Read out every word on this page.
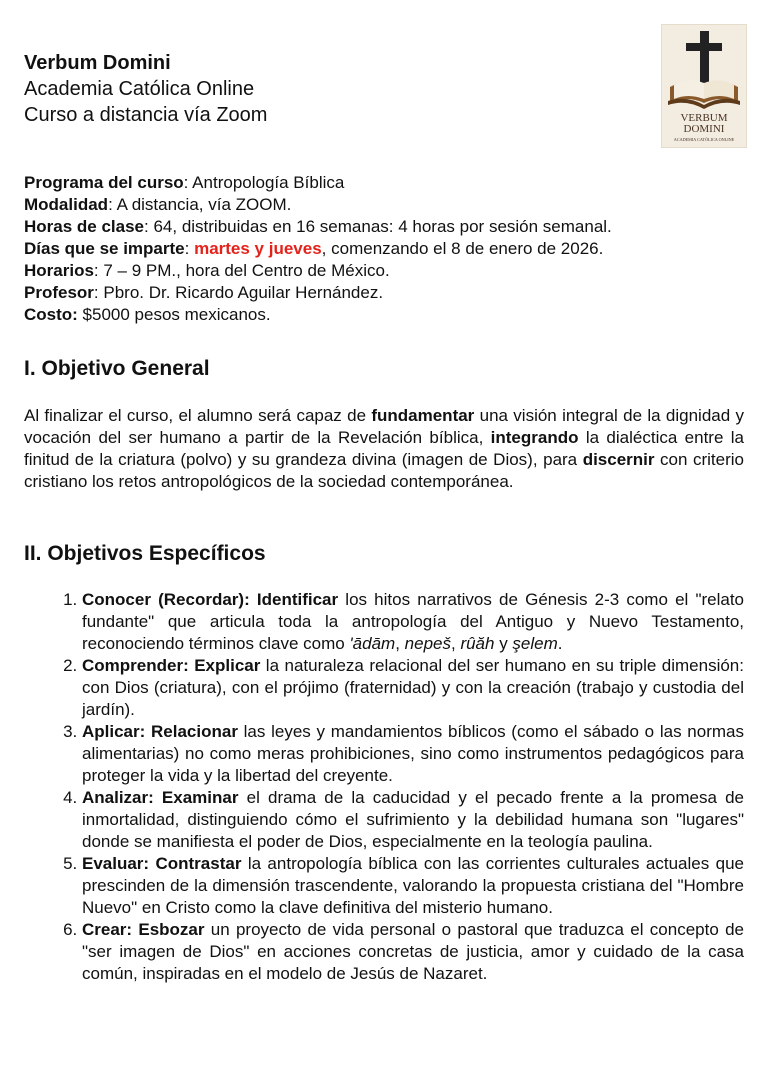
Verbum Domini
Academia Católica Online
Curso a distancia vía Zoom	VERBUM
DOMINI
ACADEMIA CATÓLICA ONLINE
Programa del curso: Antropología Bíblica
Modalidad: A distancia, vía ZOOM.
Horas de clase: 64, distribuidas en 16 semanas: 4 horas por sesión semanal.
Días que se imparte: martes y jueves, comenzando el 8 de enero de 2026.
Horarios: 7 – 9 PM., hora del Centro de México.
Profesor: Pbro. Dr. Ricardo Aguilar Hernández.
Costo: $5000 pesos mexicanos.
I. Objetivo General
Al finalizar el curso, el alumno será capaz de fundamentar una visión integral de la dignidad y vocación del ser humano a partir de la Revelación bíblica, integrando la dialéctica entre la finitud de la criatura (polvo) y su grandeza divina (imagen de Dios), para discernir con criterio cristiano los retos antropológicos de la sociedad contemporánea.
II. Objetivos Específicos
1. Conocer (Recordar): Identificar los hitos narrativos de Génesis 2-3 como el "relato fundante" que articula toda la antropología del Antiguo y Nuevo Testamento, reconociendo términos clave como 'ādām, nepeš, rûăh y şelem.
2. Comprender: Explicar la naturaleza relacional del ser humano en su triple dimensión: con Dios (criatura), con el prójimo (fraternidad) y con la creación (trabajo y custodia del jardín).
3. Aplicar: Relacionar las leyes y mandamientos bíblicos (como el sábado o las normas alimentarias) no como meras prohibiciones, sino como instrumentos pedagógicos para proteger la vida y la libertad del creyente.
4. Analizar: Examinar el drama de la caducidad y el pecado frente a la promesa de inmortalidad, distinguiendo cómo el sufrimiento y la debilidad humana son "lugares" donde se manifiesta el poder de Dios, especialmente en la teología paulina.
5. Evaluar: Contrastar la antropología bíblica con las corrientes culturales actuales que prescinden de la dimensión trascendente, valorando la propuesta cristiana del "Hombre Nuevo" en Cristo como la clave definitiva del misterio humano.
6. Crear: Esbozar un proyecto de vida personal o pastoral que traduzca el concepto de "ser imagen de Dios" en acciones concretas de justicia, amor y cuidado de la casa común, inspiradas en el modelo de Jesús de Nazaret.
